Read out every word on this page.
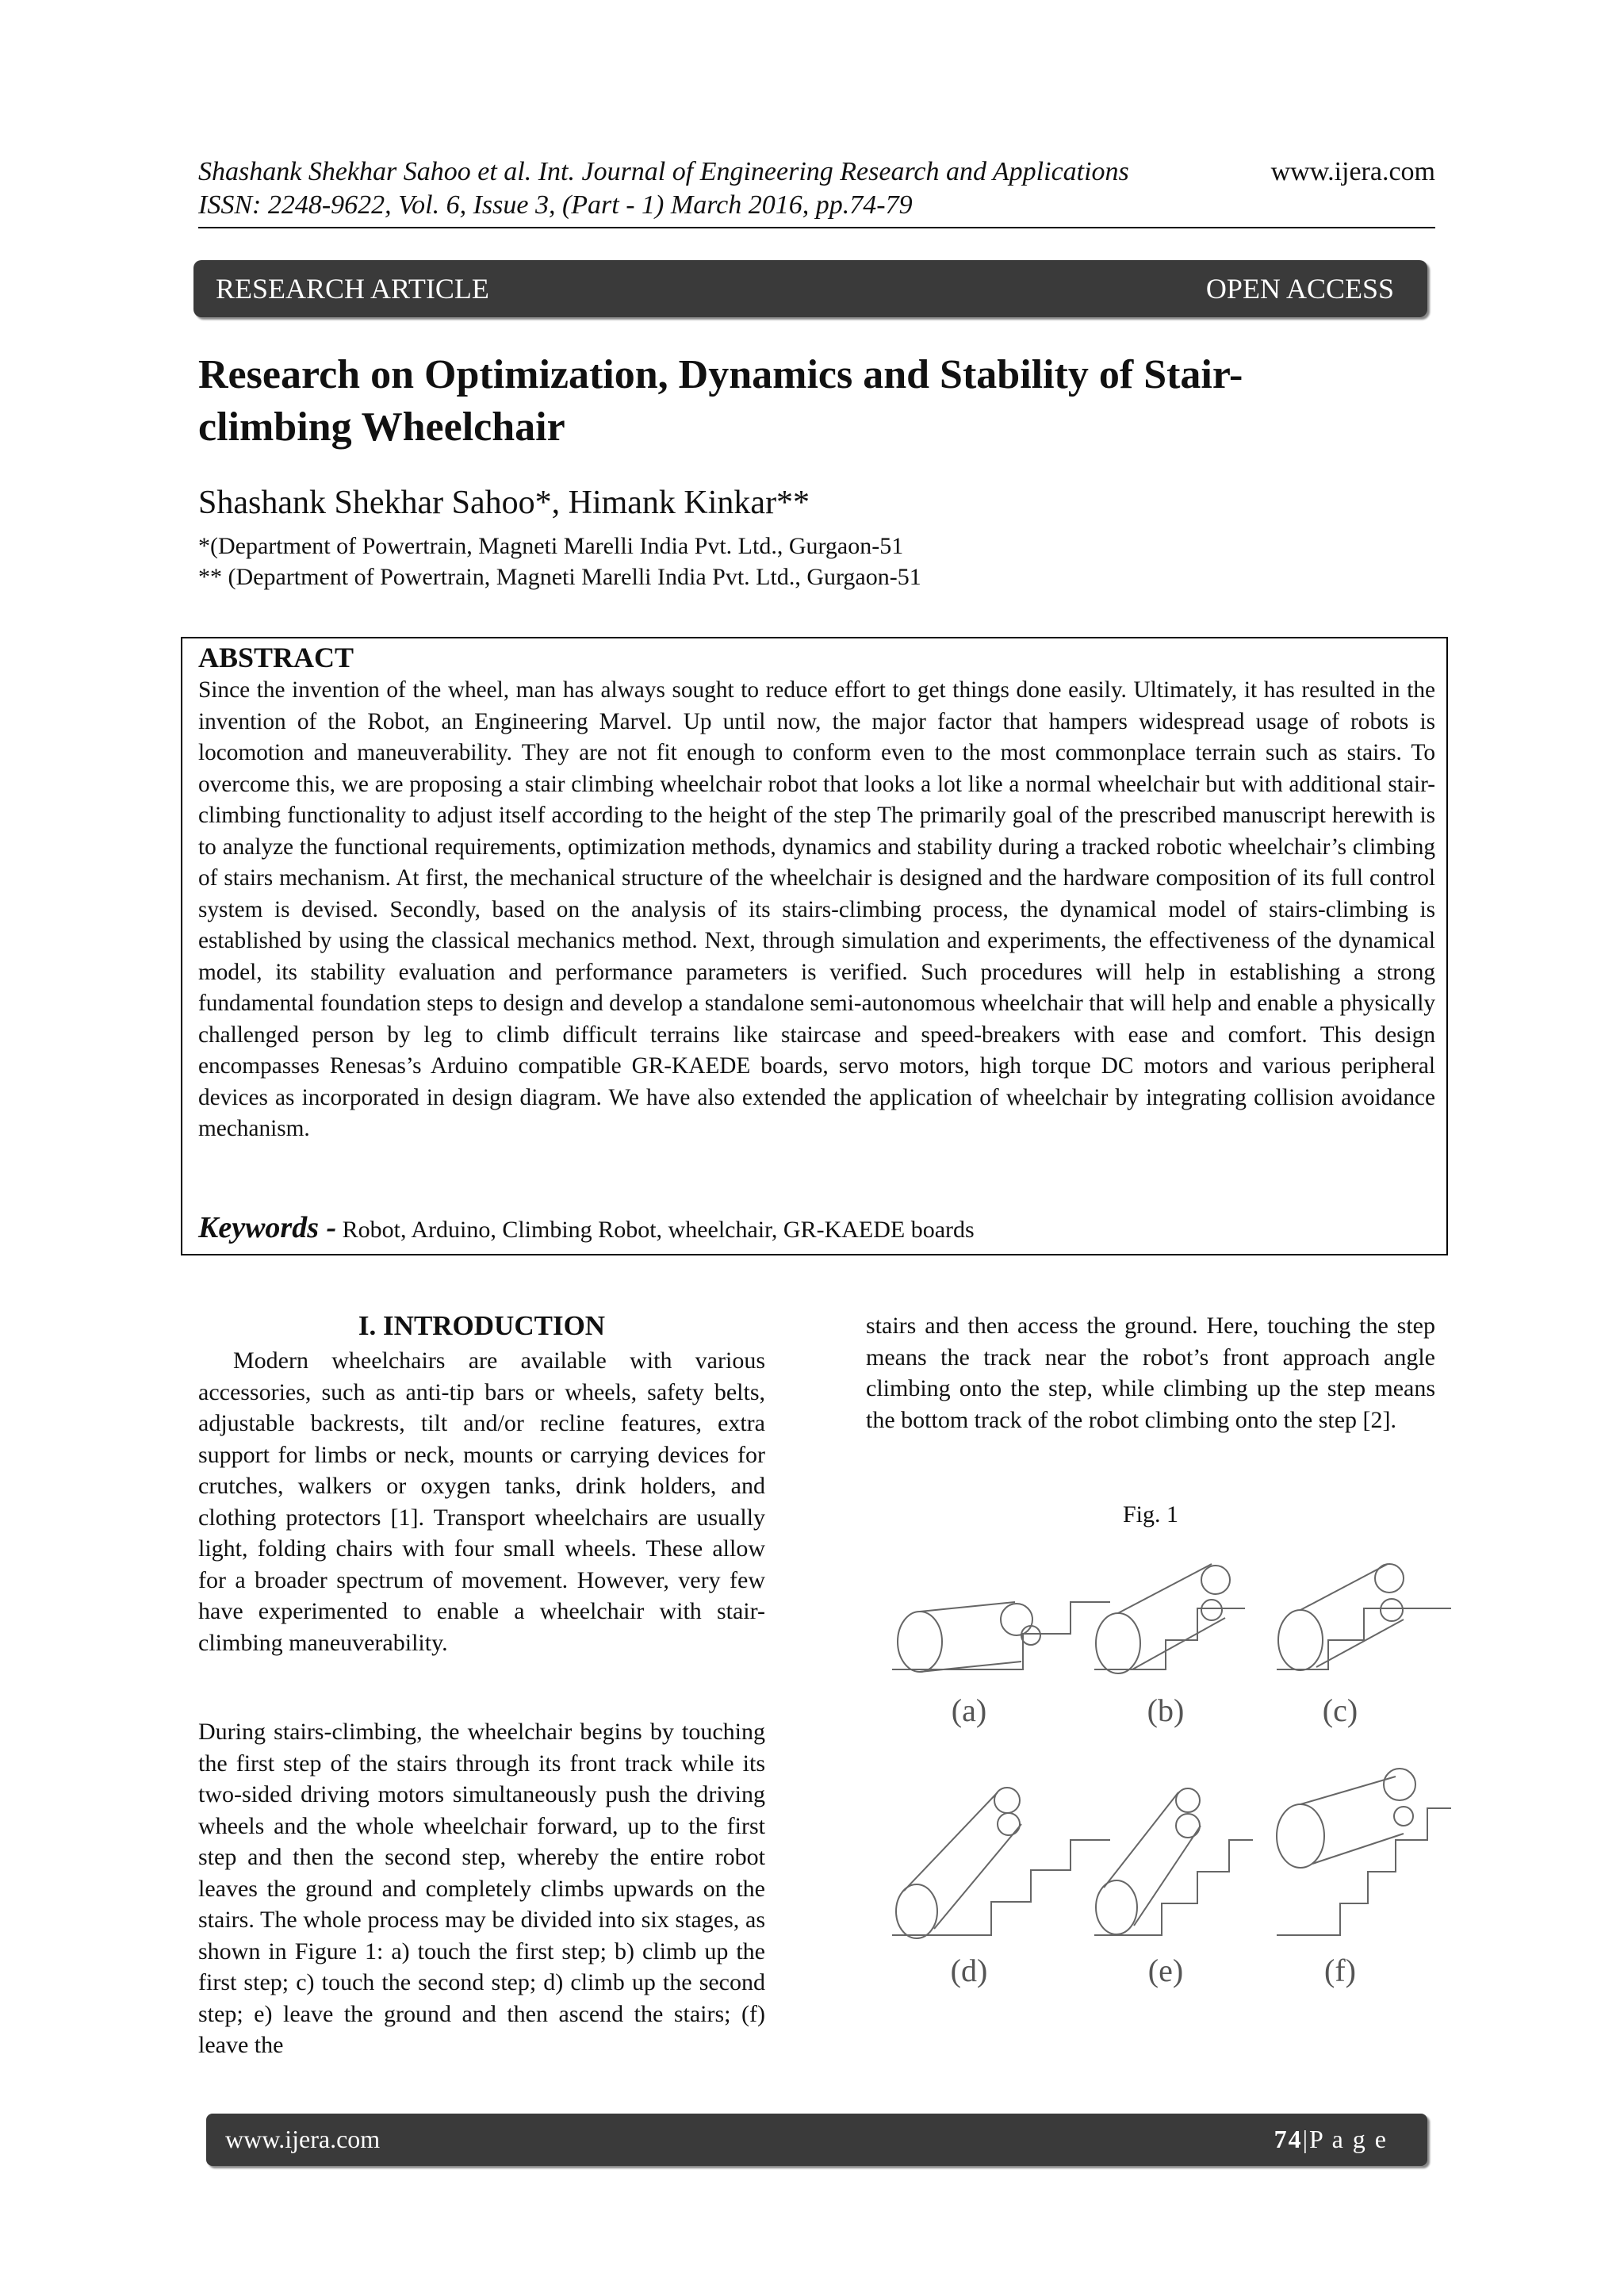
Shashank Shekhar Sahoo et al. Int. Journal of Engineering Research and Applications	www.ijera.com
ISSN: 2248-9622, Vol. 6, Issue 3, (Part - 1) March 2016, pp.74-79
RESEARCH ARTICLE	OPEN ACCESS
Research on Optimization, Dynamics and Stability of Stair-
climbing Wheelchair
Shashank Shekhar Sahoo*, Himank Kinkar**
*(Department of Powertrain, Magneti Marelli India Pvt. Ltd., Gurgaon-51
** (Department of Powertrain, Magneti Marelli India Pvt. Ltd., Gurgaon-51
ABSTRACT
Since the invention of the wheel, man has always sought to reduce effort to get things done easily. Ultimately, it has resulted in the invention of the Robot, an Engineering Marvel. Up until now, the major factor that hampers widespread usage of robots is locomotion and maneuverability. They are not fit enough to conform even to the most commonplace terrain such as stairs. To overcome this, we are proposing a stair climbing wheelchair robot that looks a lot like a normal wheelchair but with additional stair-climbing functionality to adjust itself according to the height of the step The primarily goal of the prescribed manuscript herewith is to analyze the functional requirements, optimization methods, dynamics and stability during a tracked robotic wheelchair’s climbing of stairs mechanism. At first, the mechanical structure of the wheelchair is designed and the hardware composition of its full control system is devised. Secondly, based on the analysis of its stairs-climbing process, the dynamical model of stairs-climbing is established by using the classical mechanics method. Next, through simulation and experiments, the effectiveness of the dynamical model, its stability evaluation and performance parameters is verified. Such procedures will help in establishing a strong fundamental foundation steps to design and develop a standalone semi-autonomous wheelchair that will help and enable a physically challenged person by leg to climb difficult terrains like staircase and speed-breakers with ease and comfort. This design encompasses Renesas’s Arduino compatible GR-KAEDE boards, servo motors, high torque DC motors and various peripheral devices as incorporated in design diagram. We have also extended the application of wheelchair by integrating collision avoidance mechanism.
Keywords - Robot, Arduino, Climbing Robot, wheelchair, GR-KAEDE boards
I. INTRODUCTION
Modern wheelchairs are available with various accessories, such as anti-tip bars or wheels, safety belts, adjustable backrests, tilt and/or recline features, extra support for limbs or neck, mounts or carrying devices for crutches, walkers or oxygen tanks, drink holders, and clothing protectors [1]. Transport wheelchairs are usually light, folding chairs with four small wheels. These allow for a broader spectrum of movement. However, very few have experimented to enable a wheelchair with stair-climbing maneuverability.
During stairs-climbing, the wheelchair begins by touching the first step of the stairs through its front track while its two-sided driving motors simultaneously push the driving wheels and the whole wheelchair forward, up to the first step and then the second step, whereby the entire robot leaves the ground and completely climbs upwards on the stairs. The whole process may be divided into six stages, as shown in Figure 1: a) touch the first step; b) climb up the first step; c) touch the second step; d) climb up the second step; e) leave the ground and then ascend the stairs; (f) leave the
stairs and then access the ground. Here, touching the step means the track near the robot’s front approach angle climbing onto the step, while climbing up the step means the bottom track of the robot climbing onto the step [2].
Fig. 1
(a)	(b)	(c)
(d)	(e)	(f)
www.ijera.com	74|P a g e
